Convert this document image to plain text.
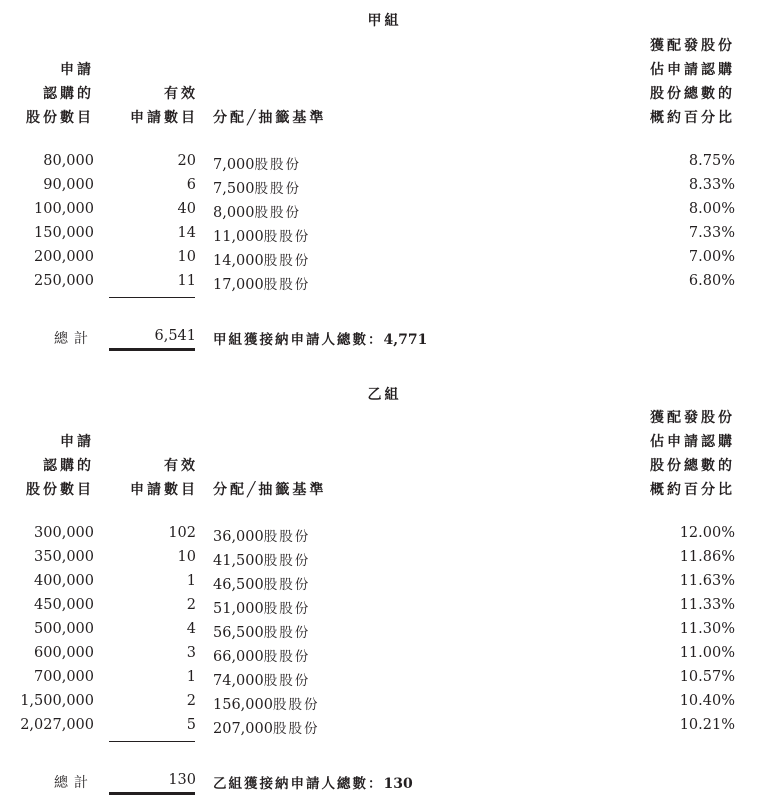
甲組
申請
認購的
股份數目
有效
申請數目 分配╱抽籤基準
獲配發股份
佔申請認購
股份總數的
概約百分比
80,000	20 7,000股股份	8.75%
90,000	6 7,500股股份	8.33%
100,000	40 8,000股股份	8.00%
150,000	14 11,000股股份	7.33%
200,000	10 14,000股股份	7.00%
250,000	11 17,000股股份	6.80%
總計	6,541 甲組獲接納申請人總數：4,771
乙組
申請
認購的
股份數目
有效
申請數目 分配╱抽籤基準
獲配發股份
佔申請認購
股份總數的
概約百分比
300,000	102 36,000股股份	12.00%
350,000	10 41,500股股份	11.86%
400,000	1 46,500股股份	11.63%
450,000	2 51,000股股份	11.33%
500,000	4 56,500股股份	11.30%
600,000	3 66,000股股份	11.00%
700,000	1 74,000股股份	10.57%
1,500,000	2 156,000股股份	10.40%
2,027,000	5 207,000股股份	10.21%
總計	130 乙組獲接納申請人總數：130
